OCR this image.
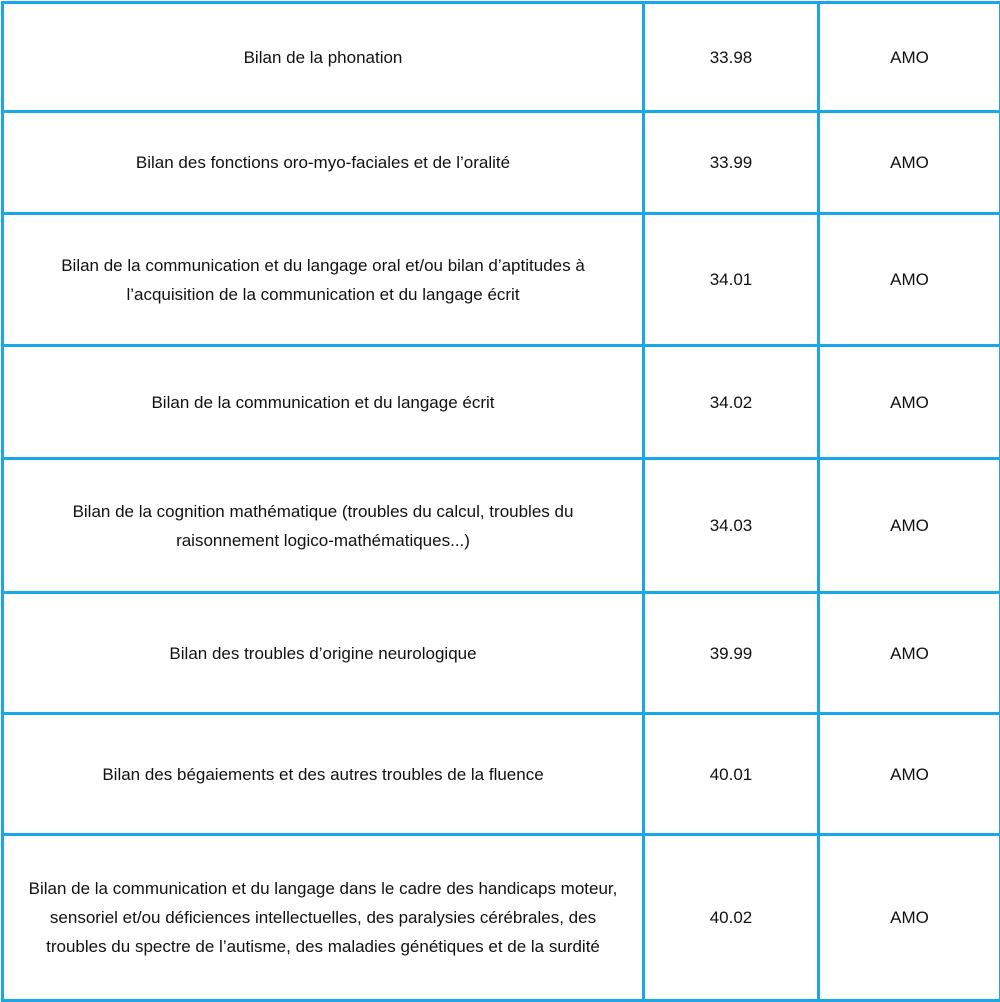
Bilan de la phonation	33.98	AMO
Bilan des fonctions oro-myo-faciales et de l’oralité	33.99	AMO
Bilan de la communication et du langage oral et/ou bilan d’aptitudes à l’acquisition de la communication et du langage écrit	34.01	AMO
Bilan de la communication et du langage écrit	34.02	AMO
Bilan de la cognition mathématique (troubles du calcul, troubles du raisonnement logico-mathématiques...)	34.03	AMO
Bilan des troubles d’origine neurologique	39.99	AMO
Bilan des bégaiements et des autres troubles de la fluence	40.01	AMO
Bilan de la communication et du langage dans le cadre des handicaps moteur, sensoriel et/ou déficiences intellectuelles, des paralysies cérébrales, des troubles du spectre de l’autisme, des maladies génétiques et de la surdité	40.02	AMO
